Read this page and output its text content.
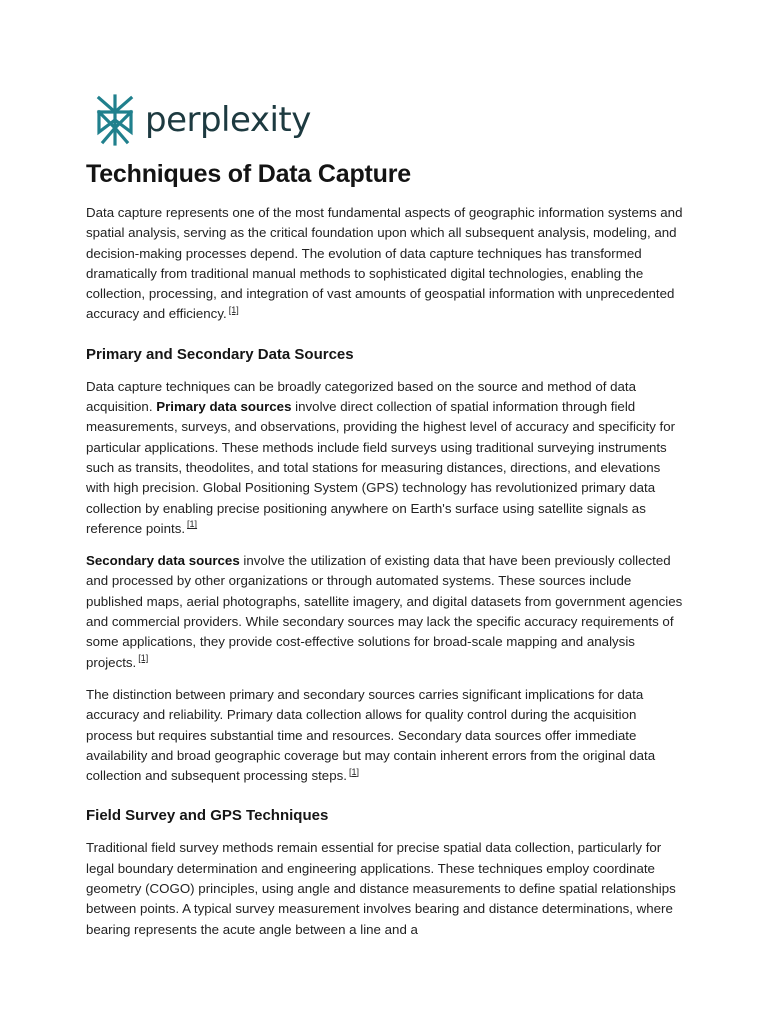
perplexity
Techniques of Data Capture

Data capture represents one of the most fundamental aspects of geographic information systems and spatial analysis, serving as the critical foundation upon which all subsequent analysis, modeling, and decision-making processes depend. The evolution of data capture techniques has transformed dramatically from traditional manual methods to sophisticated digital technologies, enabling the collection, processing, and integration of vast amounts of geospatial information with unprecedented accuracy and efficiency. [1]

Primary and Secondary Data Sources

Data capture techniques can be broadly categorized based on the source and method of data acquisition. Primary data sources involve direct collection of spatial information through field measurements, surveys, and observations, providing the highest level of accuracy and specificity for particular applications. These methods include field surveys using traditional surveying instruments such as transits, theodolites, and total stations for measuring distances, directions, and elevations with high precision. Global Positioning System (GPS) technology has revolutionized primary data collection by enabling precise positioning anywhere on Earth's surface using satellite signals as reference points. [1]

Secondary data sources involve the utilization of existing data that have been previously collected and processed by other organizations or through automated systems. These sources include published maps, aerial photographs, satellite imagery, and digital datasets from government agencies and commercial providers. While secondary sources may lack the specific accuracy requirements of some applications, they provide cost-effective solutions for broad-scale mapping and analysis projects. [1]

The distinction between primary and secondary sources carries significant implications for data accuracy and reliability. Primary data collection allows for quality control during the acquisition process but requires substantial time and resources. Secondary data sources offer immediate availability and broad geographic coverage but may contain inherent errors from the original data collection and subsequent processing steps. [1]

Field Survey and GPS Techniques

Traditional field survey methods remain essential for precise spatial data collection, particularly for legal boundary determination and engineering applications. These techniques employ coordinate geometry (COGO) principles, using angle and distance measurements to define spatial relationships between points. A typical survey measurement involves bearing and distance determinations, where bearing represents the acute angle between a line and a
